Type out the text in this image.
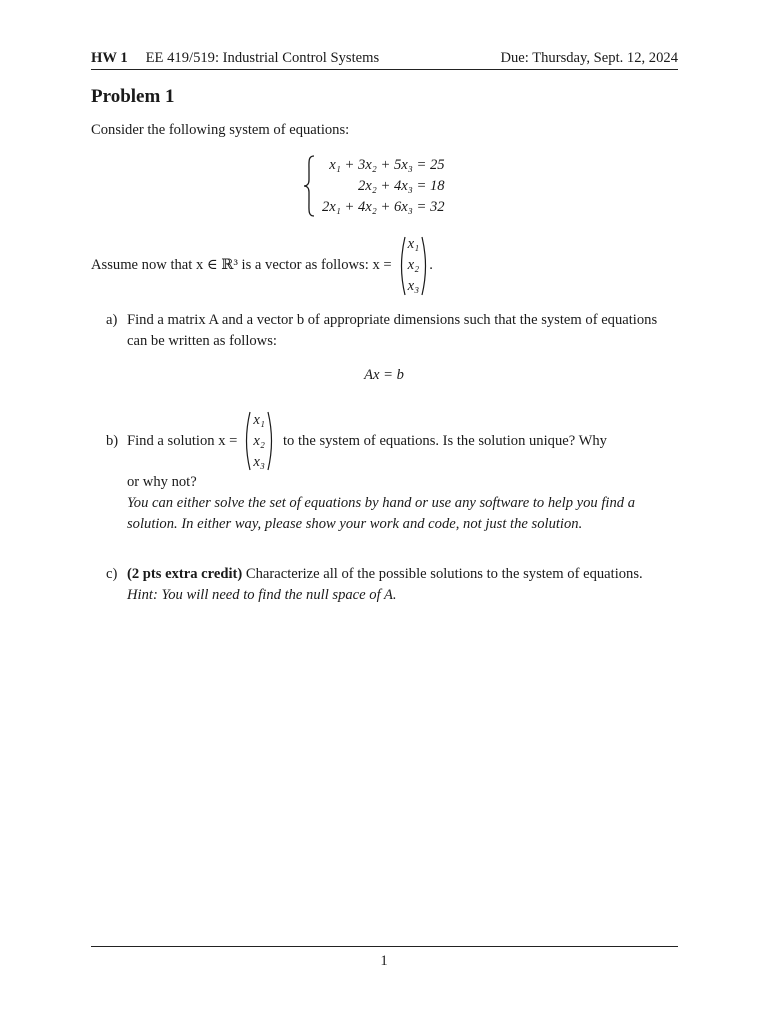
HW 1 EE 419/519: Industrial Control Systems	Due: Thursday, Sept. 12, 2024
Problem 1
Consider the following system of equations:
x₁ + 3x₂ + 5x₃ = 25
2x₂ + 4x₃ = 18
2x₁ + 4x₂ + 6x₃ = 32
Assume now that x ∈ ℝ³ is a vector as follows: x =
x₁
x₂
x₃
.
a) Find a matrix A and a vector b of appropriate dimensions such that the system of equations can be written as follows:
Ax = b
b) Find a solution x =
x₁
x₂
x₃
to the system of equations. Is the solution unique? Why
or why not?
You can either solve the set of equations by hand or use any software to help you find a solution. In either way, please show your work and code, not just the solution.
c) (2 pts extra credit) Characterize all of the possible solutions to the system of equations.
Hint: You will need to find the null space of A.
1
